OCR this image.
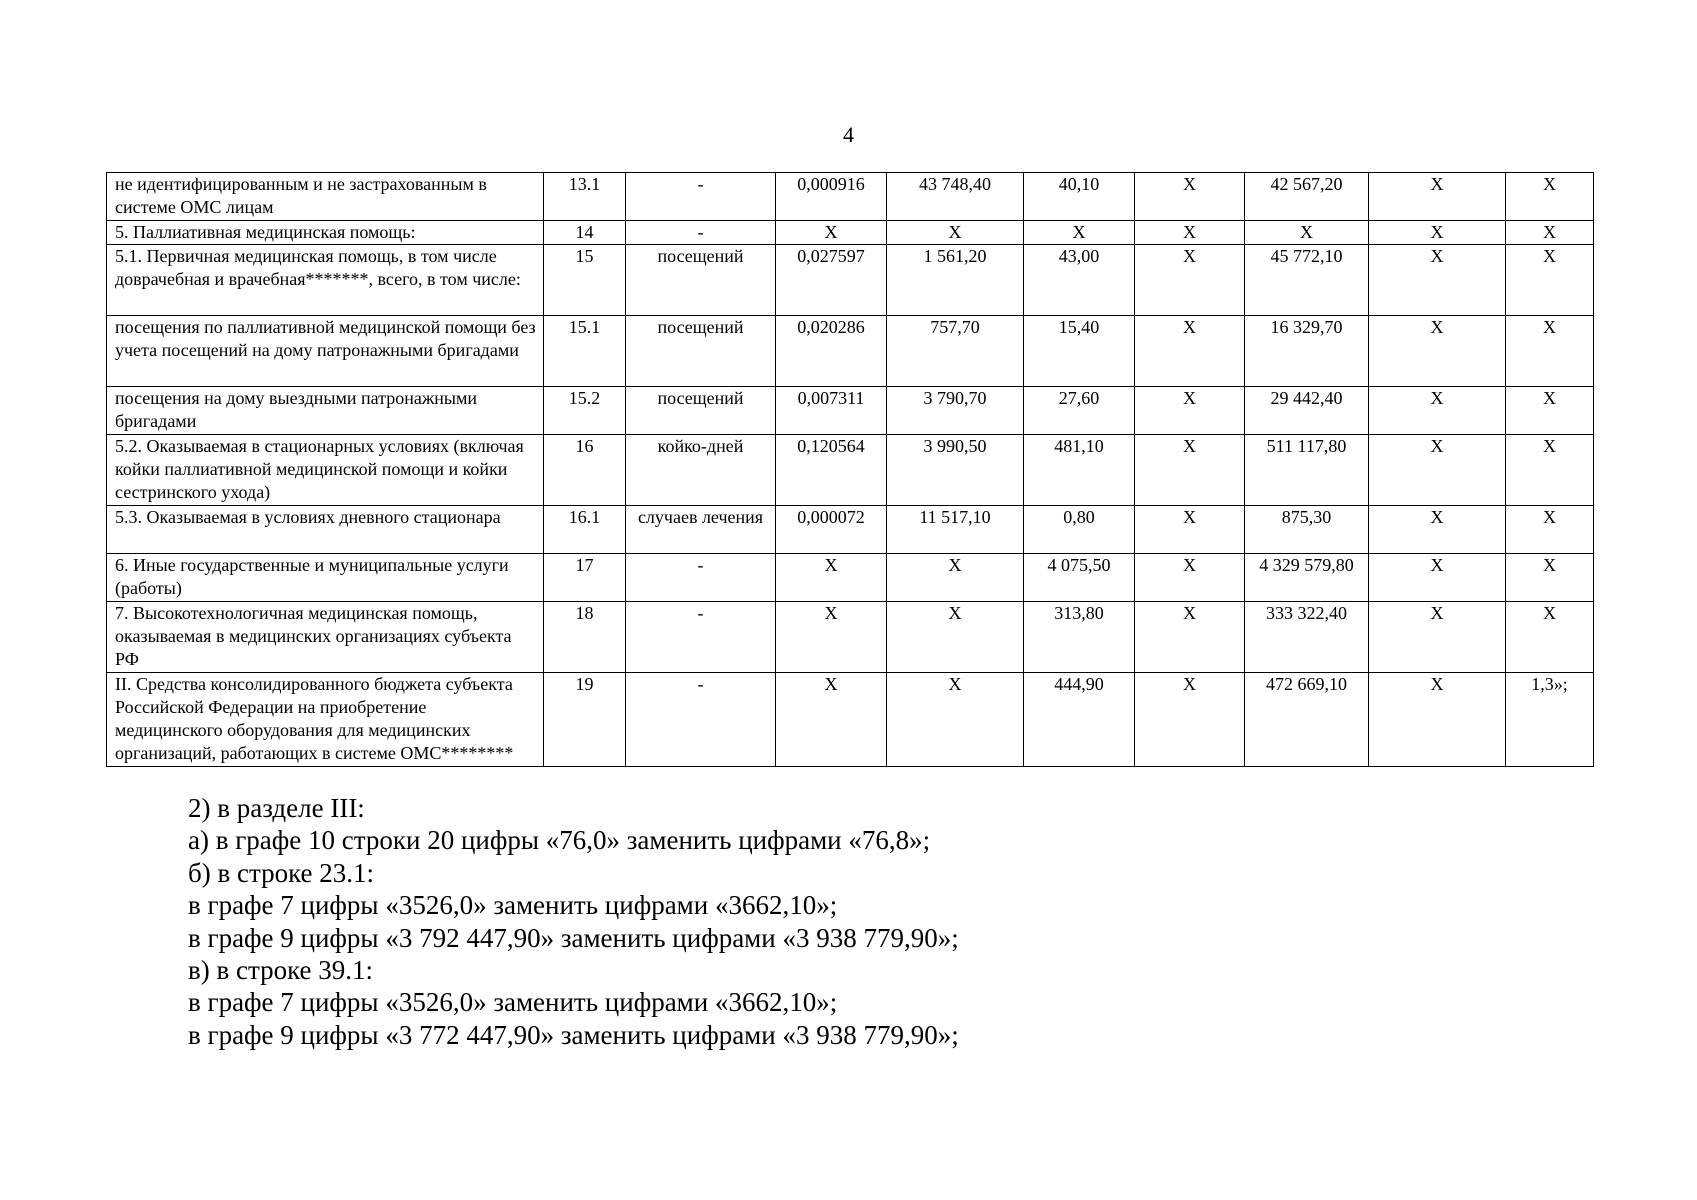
4
не идентифицированным и не застрахованным в системе ОМС лицам	13.1	-	0,000916	43 748,40	40,10	Х	42 567,20	Х	Х
5. Паллиативная медицинская помощь:	14	-	Х	Х	Х	Х	Х	Х	Х
5.1. Первичная медицинская помощь, в том числе доврачебная и врачебная*******, всего, в том числе:	15	посещений	0,027597	1 561,20	43,00	Х	45 772,10	Х	Х
посещения по паллиативной медицинской помощи без учета посещений на дому патронажными бригадами	15.1	посещений	0,020286	757,70	15,40	Х	16 329,70	Х	Х
посещения на дому выездными патронажными бригадами	15.2	посещений	0,007311	3 790,70	27,60	Х	29 442,40	Х	Х
5.2. Оказываемая в стационарных условиях (включая койки паллиативной медицинской помощи и койки сестринского ухода)	16	койко-дней	0,120564	3 990,50	481,10	Х	511 117,80	Х	Х
5.3. Оказываемая в условиях дневного стационара	16.1	случаев лечения	0,000072	11 517,10	0,80	Х	875,30	Х	Х
6. Иные государственные и муниципальные услуги (работы)	17	-	Х	Х	4 075,50	Х	4 329 579,80	Х	Х
7. Высокотехнологичная медицинская помощь, оказываемая в медицинских организациях субъекта РФ	18	-	Х	Х	313,80	Х	333 322,40	Х	Х
II. Средства консолидированного бюджета субъекта Российской Федерации на приобретение медицинского оборудования для медицинских организаций, работающих в системе ОМС********	19	-	Х	Х	444,90	Х	472 669,10	Х	1,3»;

2) в разделе III:

а) в графе 10 строки 20 цифры «76,0» заменить цифрами «76,8»;

б) в строке 23.1:

в графе 7 цифры «3526,0» заменить цифрами «3662,10»;

в графе 9 цифры «3 792 447,90» заменить цифрами «3 938 779,90»;

в) в строке 39.1:

в графе 7 цифры «3526,0» заменить цифрами «3662,10»;

в графе 9 цифры «3 772 447,90» заменить цифрами «3 938 779,90»;
